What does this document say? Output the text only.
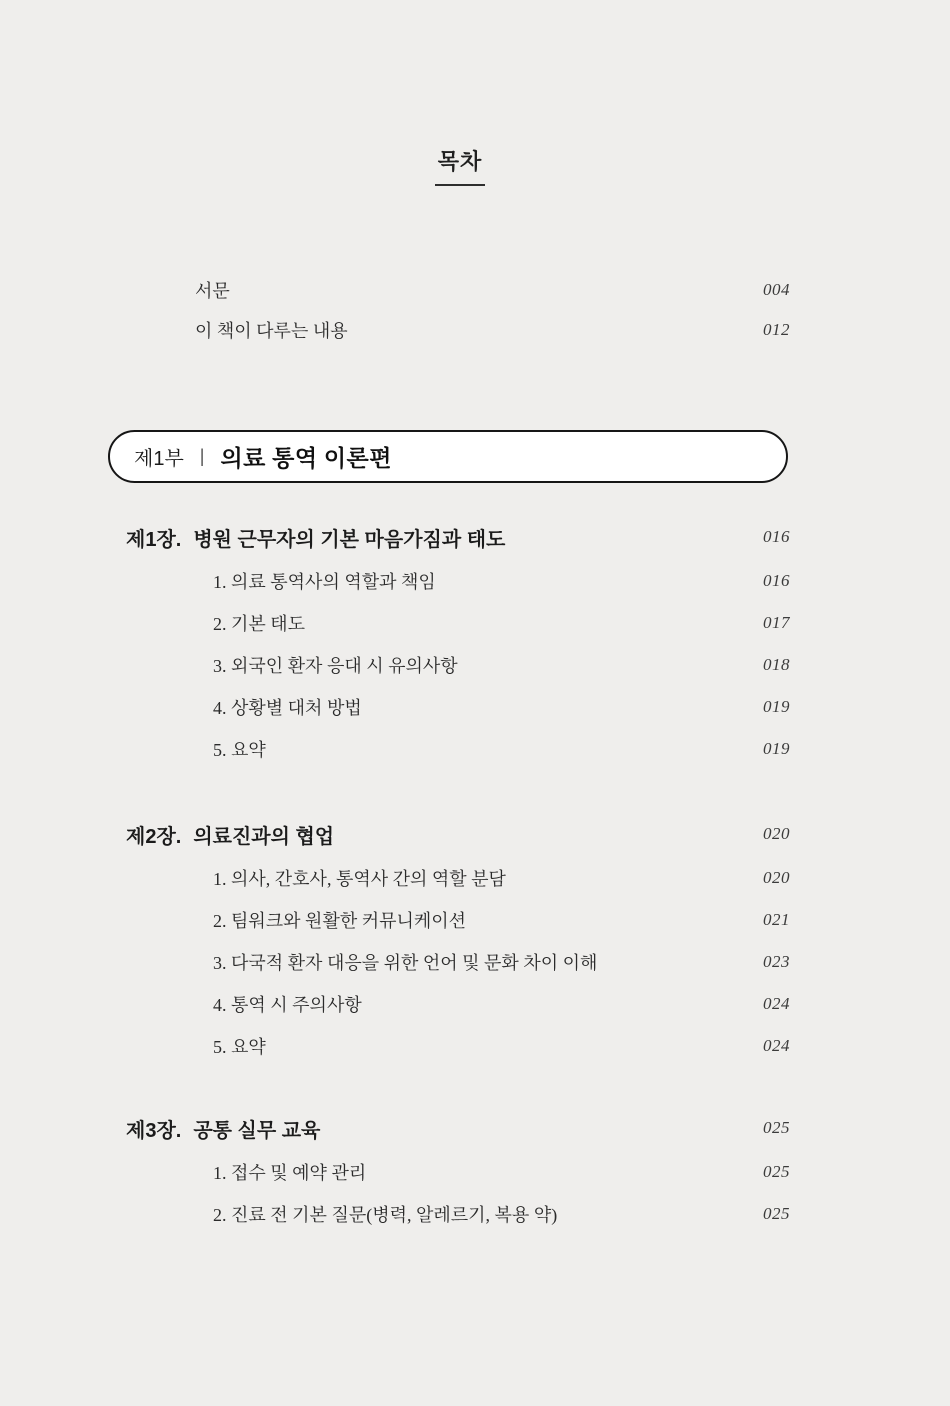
목차
서문	004
이 책이 다루는 내용	012
제1부 | 의료 통역 이론편
제1장. 병원 근무자의 기본 마음가짐과 태도	016
1. 의료 통역사의 역할과 책임	016
2. 기본 태도	017
3. 외국인 환자 응대 시 유의사항	018
4. 상황별 대처 방법	019
5. 요약	019
제2장. 의료진과의 협업	020
1. 의사, 간호사, 통역사 간의 역할 분담	020
2. 팀워크와 원활한 커뮤니케이션	021
3. 다국적 환자 대응을 위한 언어 및 문화 차이 이해	023
4. 통역 시 주의사항	024
5. 요약	024
제3장. 공통 실무 교육	025
1. 접수 및 예약 관리	025
2. 진료 전 기본 질문(병력, 알레르기, 복용 약)	025
